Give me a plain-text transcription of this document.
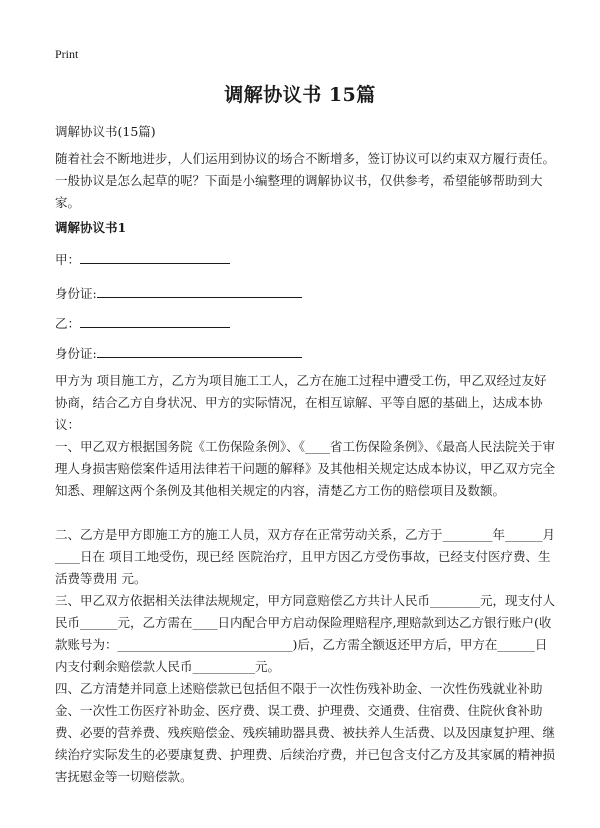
Print
调解协议书 15篇
调解协议书(15篇)

随着社会不断地进步，人们运用到协议的场合不断增多，签订协议可以约束双方履行责任。一般协议是怎么起草的呢？下面是小编整理的调解协议书，仅供参考，希望能够帮助到大家。

调解协议书1
甲：
身份证:
乙：
身份证:

甲方为 项目施工方，乙方为项目施工工人，乙方在施工过程中遭受工伤，甲乙双经过友好协商，结合乙方自身状况、甲方的实际情况，在相互谅解、平等自愿的基础上，达成本协议：

一、甲乙双方根据国务院《工伤保险条例》、《____省工伤保险条例》、《最高人民法院关于审理人身损害赔偿案件适用法律若干问题的解释》及其他相关规定达成本协议，甲乙双方完全知悉、理解这两个条例及其他相关规定的内容，清楚乙方工伤的赔偿项目及数额。

二、乙方是甲方即施工方的施工人员，双方存在正常劳动关系，乙方于________年______月____日在 项目工地受伤，现已经 医院治疗，且甲方因乙方受伤事故，已经支付医疗费、生活费等费用 元。

三、甲乙双方依据相关法律法规规定，甲方同意赔偿乙方共计人民币________元，现支付人民币______元，乙方需在____日内配合甲方启动保险理赔程序,理赔款到达乙方银行账户(收款账号为：____________________________)后，乙方需全额返还甲方后，甲方在______日内支付剩余赔偿款人民币__________元。

四、乙方清楚并同意上述赔偿款已包括但不限于一次性伤残补助金、一次性伤残就业补助金、一次性工伤医疗补助金、医疗费、误工费、护理费、交通费、住宿费、住院伙食补助费、必要的营养费、残疾赔偿金、残疾辅助器具费、被扶养人生活费、以及因康复护理、继续治疗实际发生的必要康复费、护理费、后续治疗费，并已包含支付乙方及其家属的精神损害抚慰金等一切赔偿款。
